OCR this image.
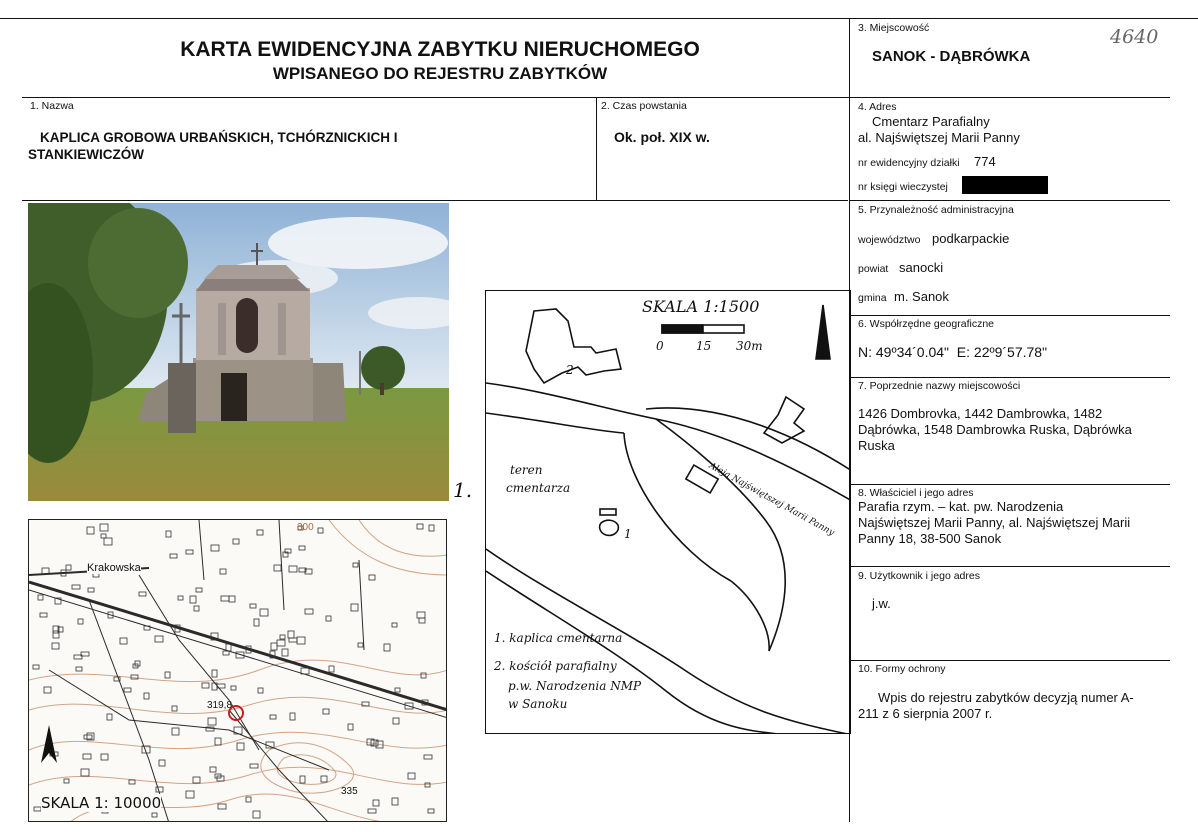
KARTA EWIDENCYJNA ZABYTKU NIERUCHOMEGO
WPISANEGO DO REJESTRU ZABYTKÓW
3. Miejscowość
SANOK - DĄBRÓWKA
4640
1. Nazwa
KAPLICA GROBOWA URBAŃSKICH, TCHÓRZNICKICH I
STANKIEWICZÓW
2. Czas powstania
Ok. poł. XIX w.
4. Adres
Cmentarz Parafialny
al. Najświętszej Marii Panny
nr ewidencyjny działki 774
nr księgi wieczystej
5. Przynależność administracyjna
województwo podkarpackie
powiat sanocki
gmina m. Sanok
6. Współrzędne geograficzne
N: 49º34´0.04"  E: 22º9´57.78"
7. Poprzednie nazwy miejscowości
1426 Dombrovka, 1442 Dambrowka, 1482
Dąbrówka, 1548 Dambrowka Ruska, Dąbrówka
Ruska
8. Właściciel i jego adres
Parafia rzym. – kat. pw. Narodzenia
Najświętszej Marii Panny, al. Najświętszej Marii
Panny 18, 38-500 Sanok
9. Użytkownik i jego adres
j.w.
10. Formy ochrony
Wpis do rejestru zabytków decyzją numer A-
211 z 6 sierpnia 2007 r.
1.
Krakowska
319,8
335
300
SKALA 1: 10000
SKALA 1:1500
0	15 30m
2
1	Aleja Najświętszej Marii Panny
teren
cmentarza
1. kaplica cmentarna
2. kościół parafialny
p.w. Narodzenia NMP
w Sanoku
